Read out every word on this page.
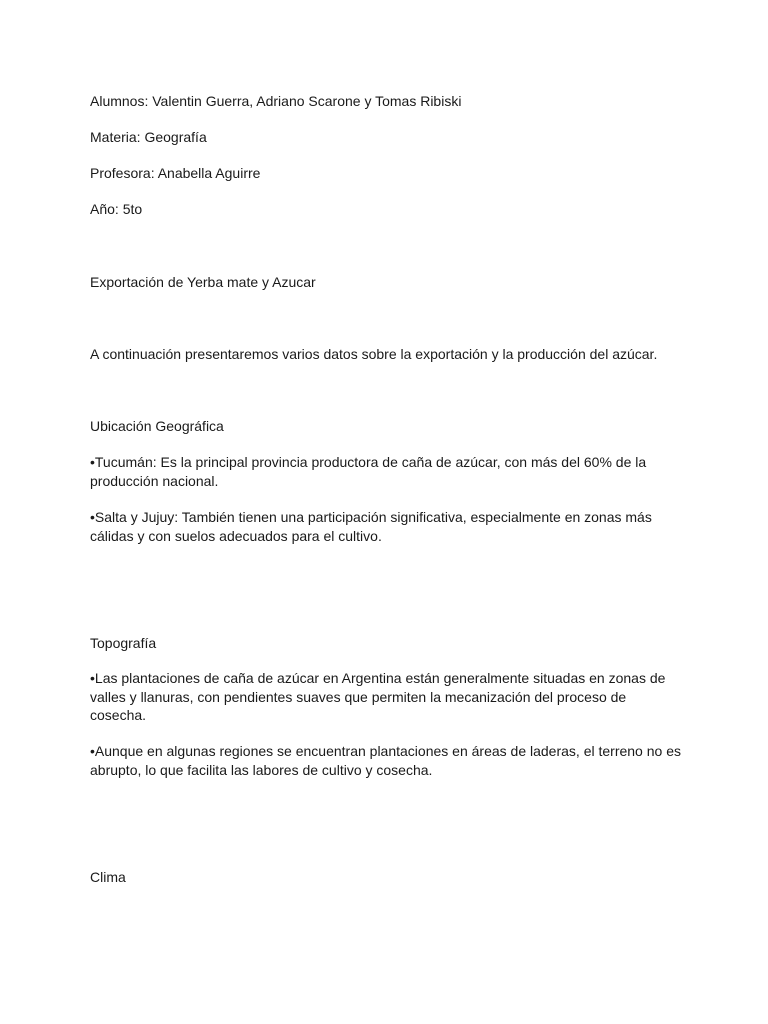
Alumnos: Valentin Guerra, Adriano Scarone y Tomas Ribiski

Materia: Geografía

Profesora: Anabella Aguirre

Año: 5to

Exportación de Yerba mate y Azucar

A continuación presentaremos varios datos sobre la exportación y la producción del azúcar.

Ubicación Geográfica

•Tucumán: Es la principal provincia productora de caña de azúcar, con más del 60% de la producción nacional.

•Salta y Jujuy: También tienen una participación significativa, especialmente en zonas más cálidas y con suelos adecuados para el cultivo.

Topografía

•Las plantaciones de caña de azúcar en Argentina están generalmente situadas en zonas de valles y llanuras, con pendientes suaves que permiten la mecanización del proceso de cosecha.

•Aunque en algunas regiones se encuentran plantaciones en áreas de laderas, el terreno no es abrupto, lo que facilita las labores de cultivo y cosecha.

Clima
